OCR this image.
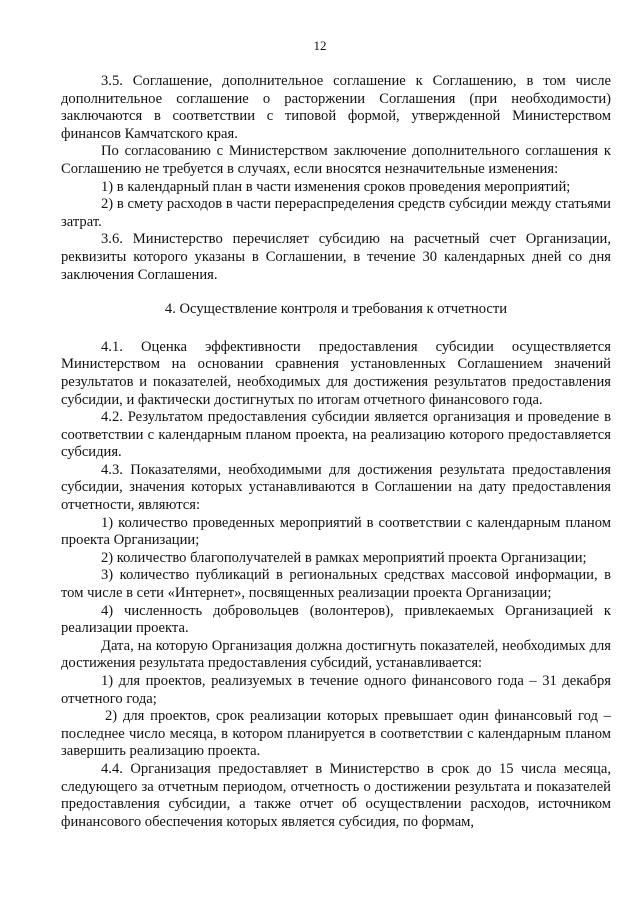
12

3.5. Соглашение, дополнительное соглашение к Соглашению, в том числе дополнительное соглашение о расторжении Соглашения (при необходимости) заключаются в соответствии с типовой формой, утвержденной Министерством финансов Камчатского края.

По согласованию с Министерством заключение дополнительного соглашения к Соглашению не требуется в случаях, если вносятся незначительные изменения:

1) в календарный план в части изменения сроков проведения мероприятий;

2) в смету расходов в части перераспределения средств субсидии между статьями затрат.

3.6. Министерство перечисляет субсидию на расчетный счет Организации, реквизиты которого указаны в Соглашении, в течение 30 календарных дней со дня заключения Соглашения.

4. Осуществление контроля и требования к отчетности

4.1. Оценка эффективности предоставления субсидии осуществляется Министерством на основании сравнения установленных Соглашением значений результатов и показателей, необходимых для достижения результатов предоставления субсидии, и фактически достигнутых по итогам отчетного финансового года.

4.2. Результатом предоставления субсидии является организация и проведение в соответствии с календарным планом проекта, на реализацию которого предоставляется субсидия.

4.3. Показателями, необходимыми для достижения результата предоставления субсидии, значения которых устанавливаются в Соглашении на дату предоставления отчетности, являются:

1) количество проведенных мероприятий в соответствии с календарным планом проекта Организации;

2) количество благополучателей в рамках мероприятий проекта Организации;

3) количество публикаций в региональных средствах массовой информации, в том числе в сети «Интернет», посвященных реализации проекта Организации;

4) численность добровольцев (волонтеров), привлекаемых Организацией к реализации проекта.

Дата, на которую Организация должна достигнуть показателей, необходимых для достижения результата предоставления субсидий, устанавливается:

1) для проектов, реализуемых в течение одного финансового года – 31 декабря отчетного года;

2) для проектов, срок реализации которых превышает один финансовый год – последнее число месяца, в котором планируется в соответствии с календарным планом завершить реализацию проекта.

4.4. Организация предоставляет в Министерство в срок до 15 числа месяца, следующего за отчетным периодом, отчетность о достижении результата и показателей предоставления субсидии, а также отчет об осуществлении расходов, источником финансового обеспечения которых является субсидия, по формам,
